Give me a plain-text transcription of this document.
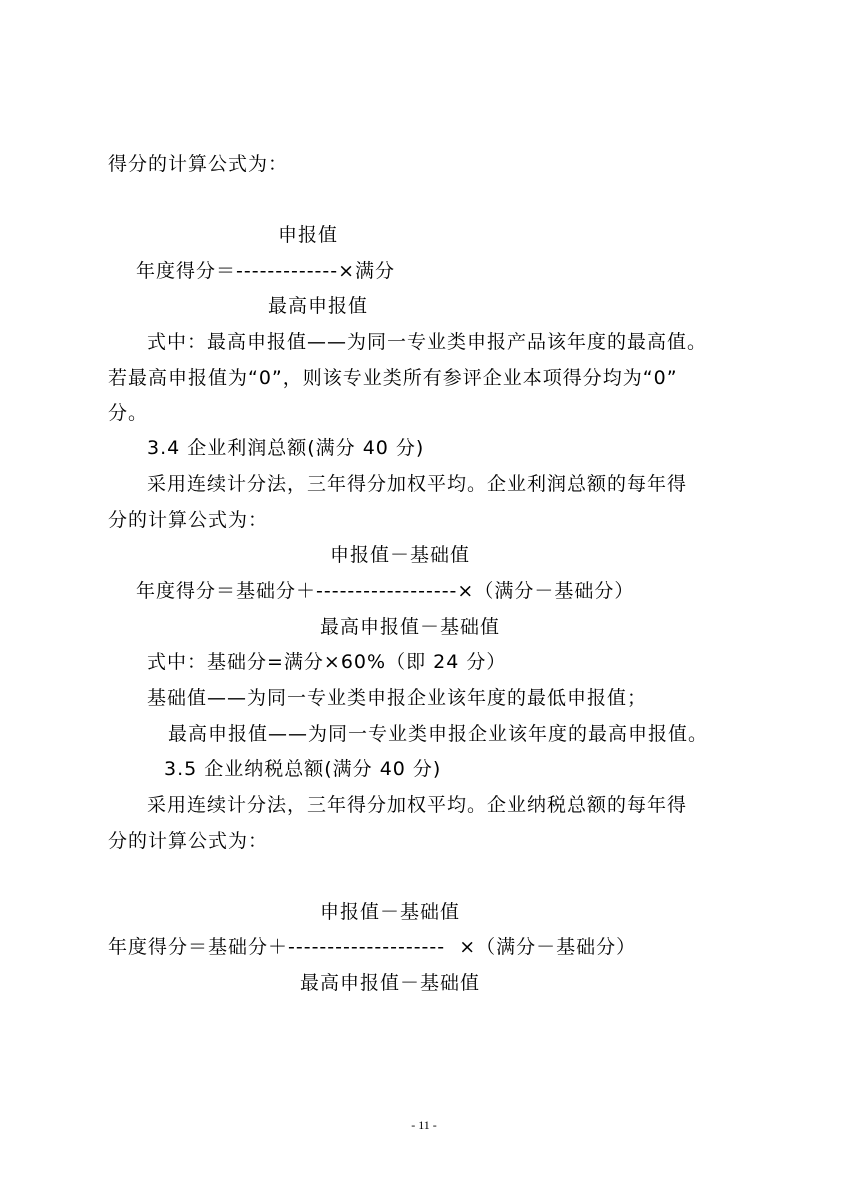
得分的计算公式为：
申报值
年度得分＝-------------×满分
最高申报值
式中：最高申报值——为同一专业类申报产品该年度的最高值。
若最高申报值为“0”，则该专业类所有参评企业本项得分均为“0”
分。
3.4 企业利润总额(满分 40 分)
采用连续计分法，三年得分加权平均。企业利润总额的每年得
分的计算公式为：
申报值－基础值
年度得分＝基础分＋------------------×（满分－基础分）
最高申报值－基础值
式中：基础分=满分×60%（即 24 分）
基础值——为同一专业类申报企业该年度的最低申报值；
最高申报值——为同一专业类申报企业该年度的最高申报值。
3.5 企业纳税总额(满分 40 分)
采用连续计分法，三年得分加权平均。企业纳税总额的每年得
分的计算公式为：
申报值－基础值
年度得分＝基础分＋--------------------  ×（满分－基础分）
最高申报值－基础值
- 11 -
